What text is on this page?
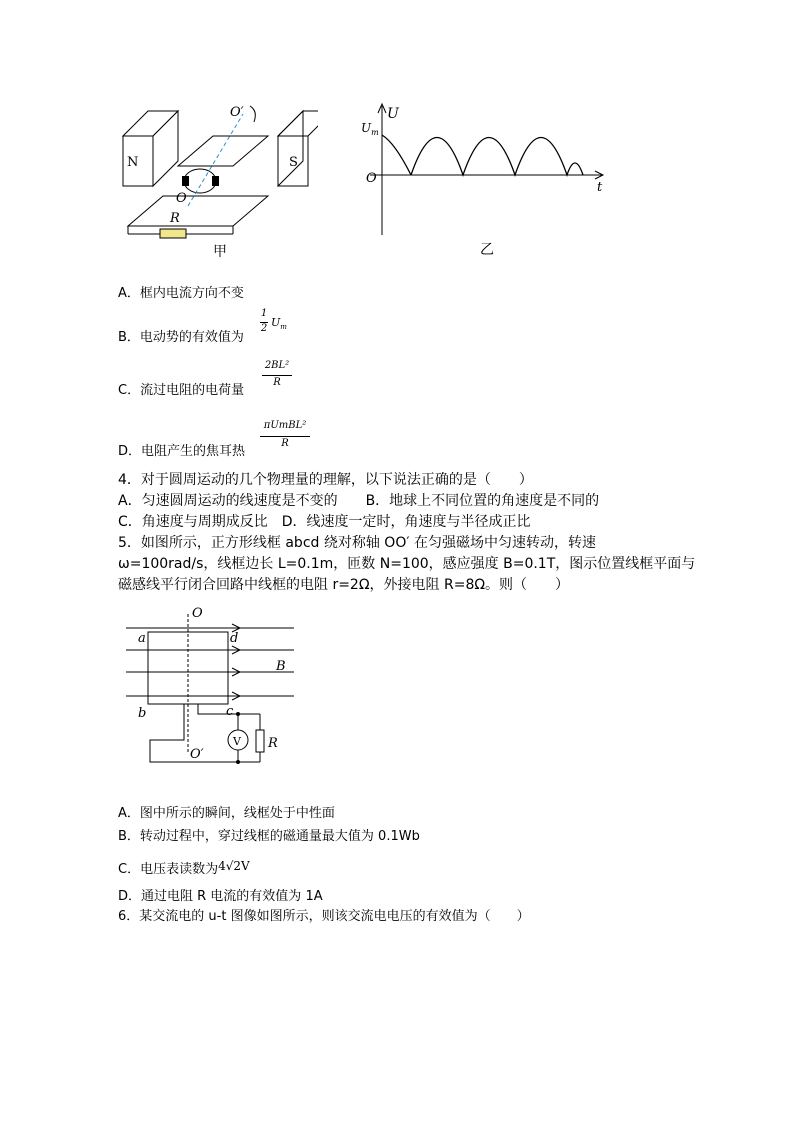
N	S
O′
O
R
甲
U
$U_m$
O
t
乙
A．框内电流方向不变
B．电动势的有效值为
1
2 $U_m$
C．流过电阻的电荷量
2BL²
R
D．电阻产生的焦耳热
πUmBL²
R
4．对于圆周运动的几个物理量的理解，以下说法正确的是（　　）
A．匀速圆周运动的线速度是不变的　　B．地球上不同位置的角速度是不同的
C．角速度与周期成反比　D．线速度一定时，角速度与半径成正比
5．如图所示，正方形线框 abcd 绕对称轴 OO′ 在匀强磁场中匀速转动，转速
ω=100rad/s，线框边长 L=0.1m，匝数 N=100，感应强度 B=0.1T，图示位置线框平面与
磁感线平行闭合回路中线框的电阻 r=2Ω，外接电阻 R=8Ω。则（　　）
O
a	d
B
b	c
O′
V R
A．图中所示的瞬间，线框处于中性面
B．转动过程中，穿过线框的磁通量最大值为 0.1Wb
C．电压表读数为4√2V
D．通过电阻 R 电流的有效值为 1A
6．某交流电的 u-t 图像如图所示，则该交流电电压的有效值为（　　）
